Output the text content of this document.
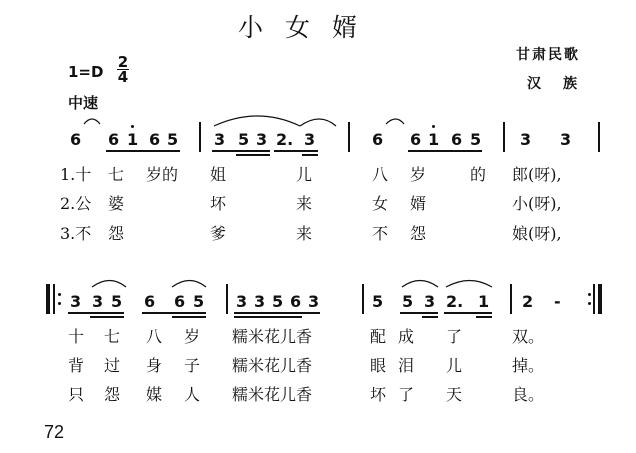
小女婿
甘肃民歌
汉族
1=D
2
4
中速
6 6 1 6 5 3 5 3 2. 3	6 6 1 6 5 3 3
1.十 七 岁的 姐	儿	八 岁	的 郎(呀),
2.公 婆	坏	来	女 婿	小(呀),
3.不 怨	爹	来	不 怨	娘(呀),
3 3 5 6 6 5 3 3 5 6 3	5 5 3 2. 1 2 -
十 七 八 岁 糯米花儿香	配 成 了	双。
背 过 身 子 糯米花儿香	眼 泪 儿	掉。
只 怨 媒 人 糯米花儿香	坏 了 天	良。
72
